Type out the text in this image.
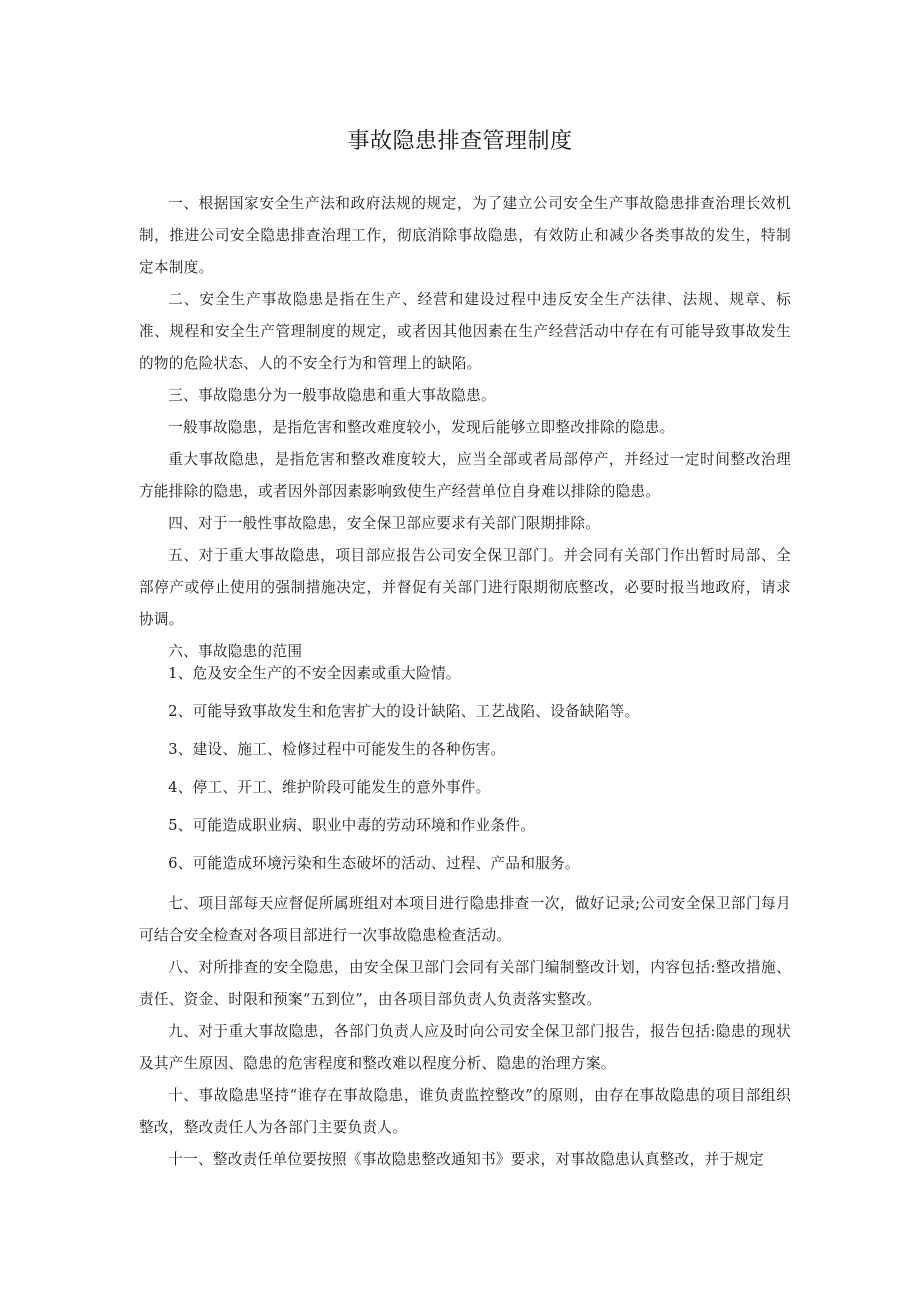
事故隐患排查管理制度

一、根据国家安全生产法和政府法规的规定，为了建立公司安全生产事故隐患排查治理长效机制，推进公司安全隐患排查治理工作，彻底消除事故隐患，有效防止和减少各类事故的发生，特制定本制度。

二、安全生产事故隐患是指在生产、经营和建设过程中违反安全生产法律、法规、规章、标准、规程和安全生产管理制度的规定，或者因其他因素在生产经营活动中存在有可能导致事故发生的物的危险状态、人的不安全行为和管理上的缺陷。

三、事故隐患分为一般事故隐患和重大事故隐患。

一般事故隐患，是指危害和整改难度较小，发现后能够立即整改排除的隐患。

重大事故隐患，是指危害和整改难度较大，应当全部或者局部停产，并经过一定时间整改治理方能排除的隐患，或者因外部因素影响致使生产经营单位自身难以排除的隐患。

四、对于一般性事故隐患，安全保卫部应要求有关部门限期排除。

五、对于重大事故隐患，项目部应报告公司安全保卫部门。并会同有关部门作出暂时局部、全部停产或停止使用的强制措施决定，并督促有关部门进行限期彻底整改，必要时报当地政府，请求协调。

六、事故隐患的范围

1、危及安全生产的不安全因素或重大险情。

2、可能导致事故发生和危害扩大的设计缺陷、工艺战陷、设备缺陷等。

3、建设、施工、检修过程中可能发生的各种伤害。

4、停工、开工、维护阶段可能发生的意外事件。

5、可能造成职业病、职业中毒的劳动环境和作业条件。

6、可能造成环境污染和生态破坏的活动、过程、产品和服务。

七、项目部每天应督促所属班组对本项目进行隐患排查一次，做好记录;公司安全保卫部门每月可结合安全检查对各项目部进行一次事故隐患检查活动。

八、对所排查的安全隐患，由安全保卫部门会同有关部门编制整改计划，内容包括:整改措施、责任、资金、时限和预案“五到位”，由各项目部负责人负责落实整改。

九、对于重大事故隐患，各部门负责人应及时向公司安全保卫部门报告，报告包括:隐患的现状及其产生原因、隐患的危害程度和整改难以程度分析、隐患的治理方案。

十、事故隐患坚持“谁存在事故隐患，谁负责监控整改”的原则，由存在事故隐患的项目部组织整改，整改责任人为各部门主要负责人。

十一、整改责任单位要按照《事故隐患整改通知书》要求，对事故隐患认真整改，并于规定
